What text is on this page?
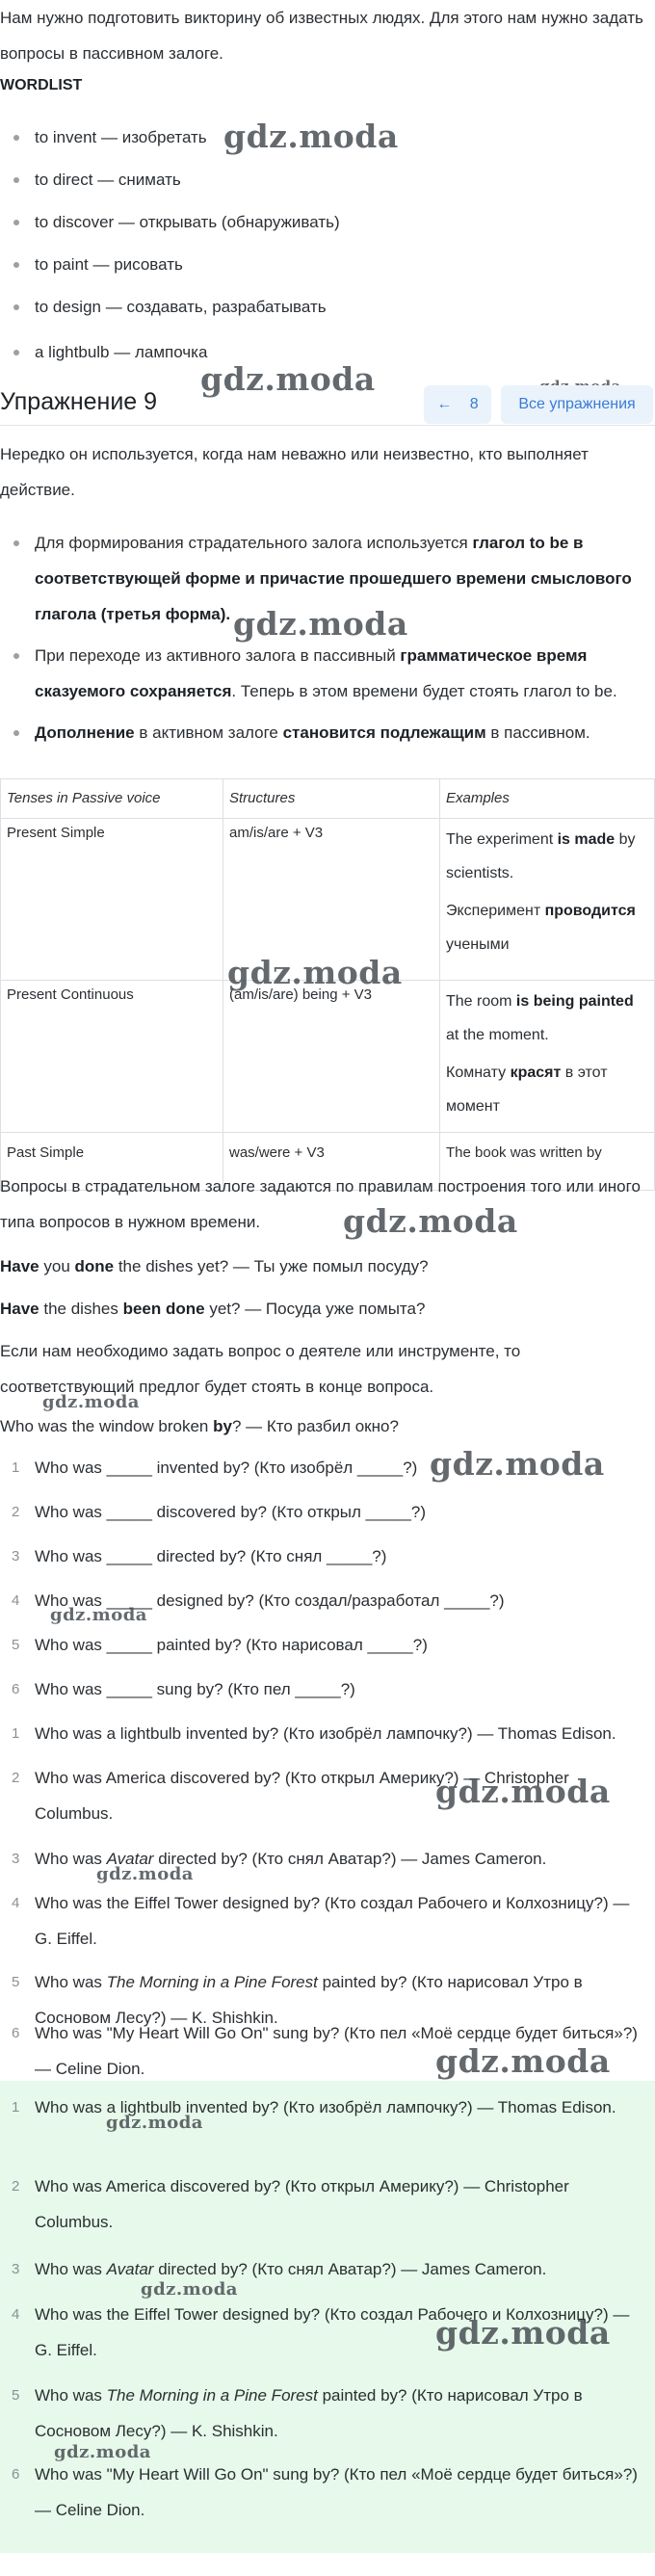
Нам нужно подготовить викторину об известных людях. Для этого нам нужно задать вопросы в пассивном залоге.

WORDLIST
to invent — изобретать
to direct — снимать
to discover — открывать (обнаруживать)
to paint — рисовать
to design — создавать, разрабатывать
a lightbulb — лампочка
gdz.moda
gdz.moda
Упражнение 9	← 8	Все упражнения

Нередко он используется, когда нам неважно или неизвестно, кто выполняет действие.

Для формирования страдательного залога используется глагол to be в соответствующей форме и причастие прошедшего времени смыслового глагола (третья форма).
При переходе из активного залога в пассивный грамматическое время сказуемого сохраняется. Теперь в этом времени будет стоять глагол to be.
Дополнение в активном залоге становится подлежащим в пассивном.
gdz.moda
Tenses in Passive voice	Structures	Examples
Present Simple	am/is/are + V3	The experiment is made by scientists.
Эксперимент проводится учеными

Present Continuous	(am/is/are) being + V3	The room is being painted at the moment.
Комнату красят в этот момент

Past Simple	was/were + V3	The book was written by
gdz.moda

Вопросы в страдательном залоге задаются по правилам построения того или иного типа вопросов в нужном времени.	gdz.moda

Have you done the dishes yet? — Ты уже помыл посуду?

Have the dishes been done yet? — Посуда уже помыта?

Если нам необходимо задать вопрос о деятеле или инструменте, то соответствующий предлог будет стоять в конце вопроса.

Who was the window broken by? — Кто разбил окно?

gdz.moda
1 Who was _____ invented by? (Кто изобрёл _____?)
2 Who was _____ discovered by? (Кто открыл _____?)
3 Who was _____ directed by? (Кто снял _____?)
4 Who was _____ designed by? (Кто создал/разработал _____?)
5 Who was _____ painted by? (Кто нарисовал _____?)
6 Who was _____ sung by? (Кто пел _____?)
gdz.moda
gdz.moda
1 Who was a lightbulb invented by? (Кто изобрёл лампочку?) — Thomas Edison.
2 Who was America discovered by? (Кто открыл Америку?) — Christopher Columbus.
3 Who was Avatar directed by? (Кто снял Аватар?) — James Cameron.
4 Who was the Eiffel Tower designed by? (Кто создал Рабочего и Колхозницу?) — G. Eiffel.
5 Who was The Morning in a Pine Forest painted by? (Кто нарисовал Утро в Сосновом Лесу?) — K. Shishkin.
6 Who was "My Heart Will Go On" sung by? (Кто пел «Моё сердце будет биться»?) — Celine Dion.
gdz.moda
gdz.moda
gdz.moda
1 Who was a lightbulb invented by? (Кто изобрёл лампочку?) — Thomas Edison.
2 Who was America discovered by? (Кто открыл Америку?) — Christopher Columbus.
3 Who was Avatar directed by? (Кто снял Аватар?) — James Cameron.
4 Who was the Eiffel Tower designed by? (Кто создал Рабочего и Колхозницу?) — G. Eiffel.
5 Who was The Morning in a Pine Forest painted by? (Кто нарисовал Утро в Сосновом Лесу?) — K. Shishkin.
6 Who was "My Heart Will Go On" sung by? (Кто пел «Моё сердце будет биться»?) — Celine Dion.
gdz.moda
gdz.moda
gdz.moda
gdz.moda
